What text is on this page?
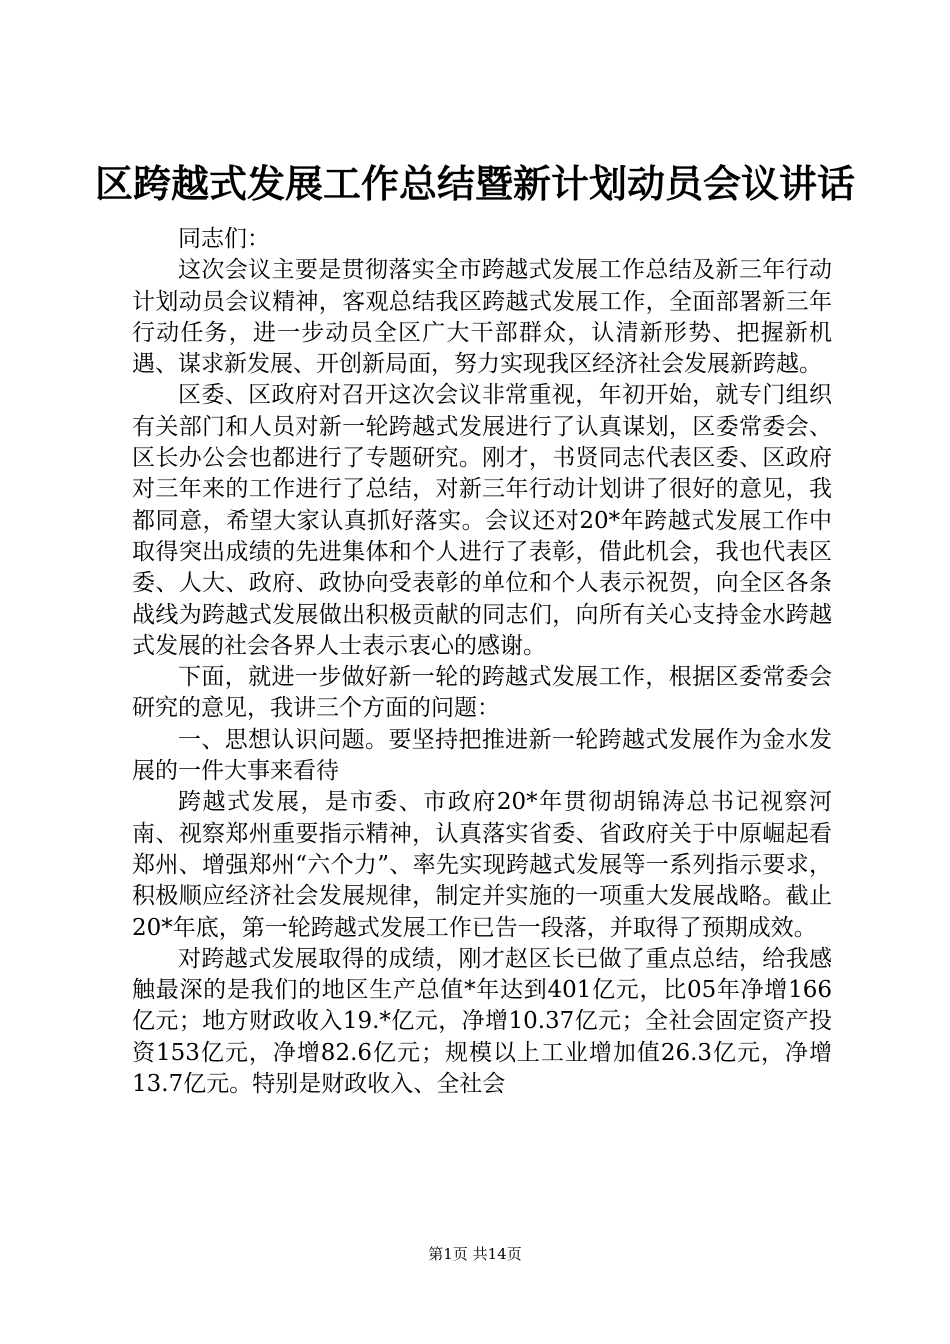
区跨越式发展工作总结暨新计划动员会议讲话

同志们：

这次会议主要是贯彻落实全市跨越式发展工作总结及新三年行动计划动员会议精神，客观总结我区跨越式发展工作，全面部署新三年行动任务，进一步动员全区广大干部群众，认清新形势、把握新机遇、谋求新发展、开创新局面，努力实现我区经济社会发展新跨越。

区委、区政府对召开这次会议非常重视，年初开始，就专门组织有关部门和人员对新一轮跨越式发展进行了认真谋划，区委常委会、区长办公会也都进行了专题研究。刚才，书贤同志代表区委、区政府对三年来的工作进行了总结，对新三年行动计划讲了很好的意见，我都同意，希望大家认真抓好落实。会议还对20*年跨越式发展工作中取得突出成绩的先进集体和个人进行了表彰，借此机会，我也代表区委、人大、政府、政协向受表彰的单位和个人表示祝贺，向全区各条战线为跨越式发展做出积极贡献的同志们，向所有关心支持金水跨越式发展的社会各界人士表示衷心的感谢。

下面，就进一步做好新一轮的跨越式发展工作，根据区委常委会研究的意见，我讲三个方面的问题：

一、思想认识问题。要坚持把推进新一轮跨越式发展作为金水发展的一件大事来看待

跨越式发展，是市委、市政府20*年贯彻胡锦涛总书记视察河南、视察郑州重要指示精神，认真落实省委、省政府关于中原崛起看郑州、增强郑州“六个力”、率先实现跨越式发展等一系列指示要求，积极顺应经济社会发展规律，制定并实施的一项重大发展战略。截止20*年底，第一轮跨越式发展工作已告一段落，并取得了预期成效。

对跨越式发展取得的成绩，刚才赵区长已做了重点总结，给我感触最深的是我们的地区生产总值*年达到401亿元，比05年净增166亿元；地方财政收入19.*亿元，净增10.37亿元；全社会固定资产投资153亿元，净增82.6亿元；规模以上工业增加值26.3亿元，净增13.7亿元。特别是财政收入、全社会

第1页 共14页
